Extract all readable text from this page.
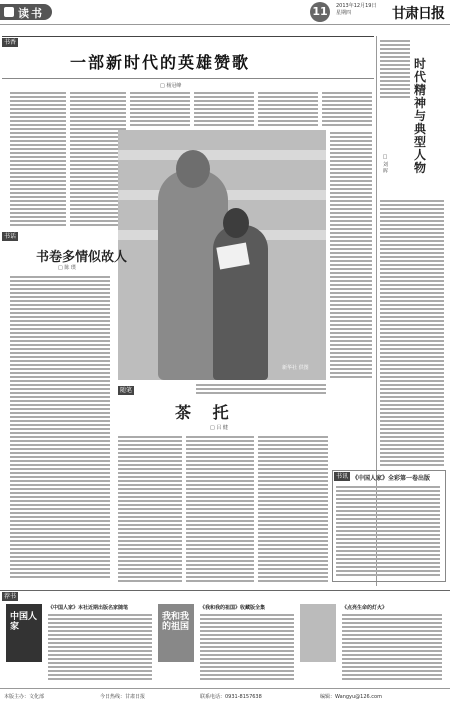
读书	11	2013年12月19日
星期四	甘肃日报
书香
一部新时代的英雄赞歌
□ 杨冠峰
新华社 供图
时代精神与典型人物
□ 刘 晖
书话
书卷多情似故人
□ 陈 璞
随笔
茶 托
□ 吕 健
书讯 《中国人家》全彩第一卷出版
荐书
中国人家
《中国人家》本社近期出版名家随笔
我和我的祖国
《我和我的祖国》收藏版全集	《点亮生命的灯火》
本版主办：文化部	今日热线：甘肃日报	联系电话：0931-8157638	编辑：Wangyu@126.com
